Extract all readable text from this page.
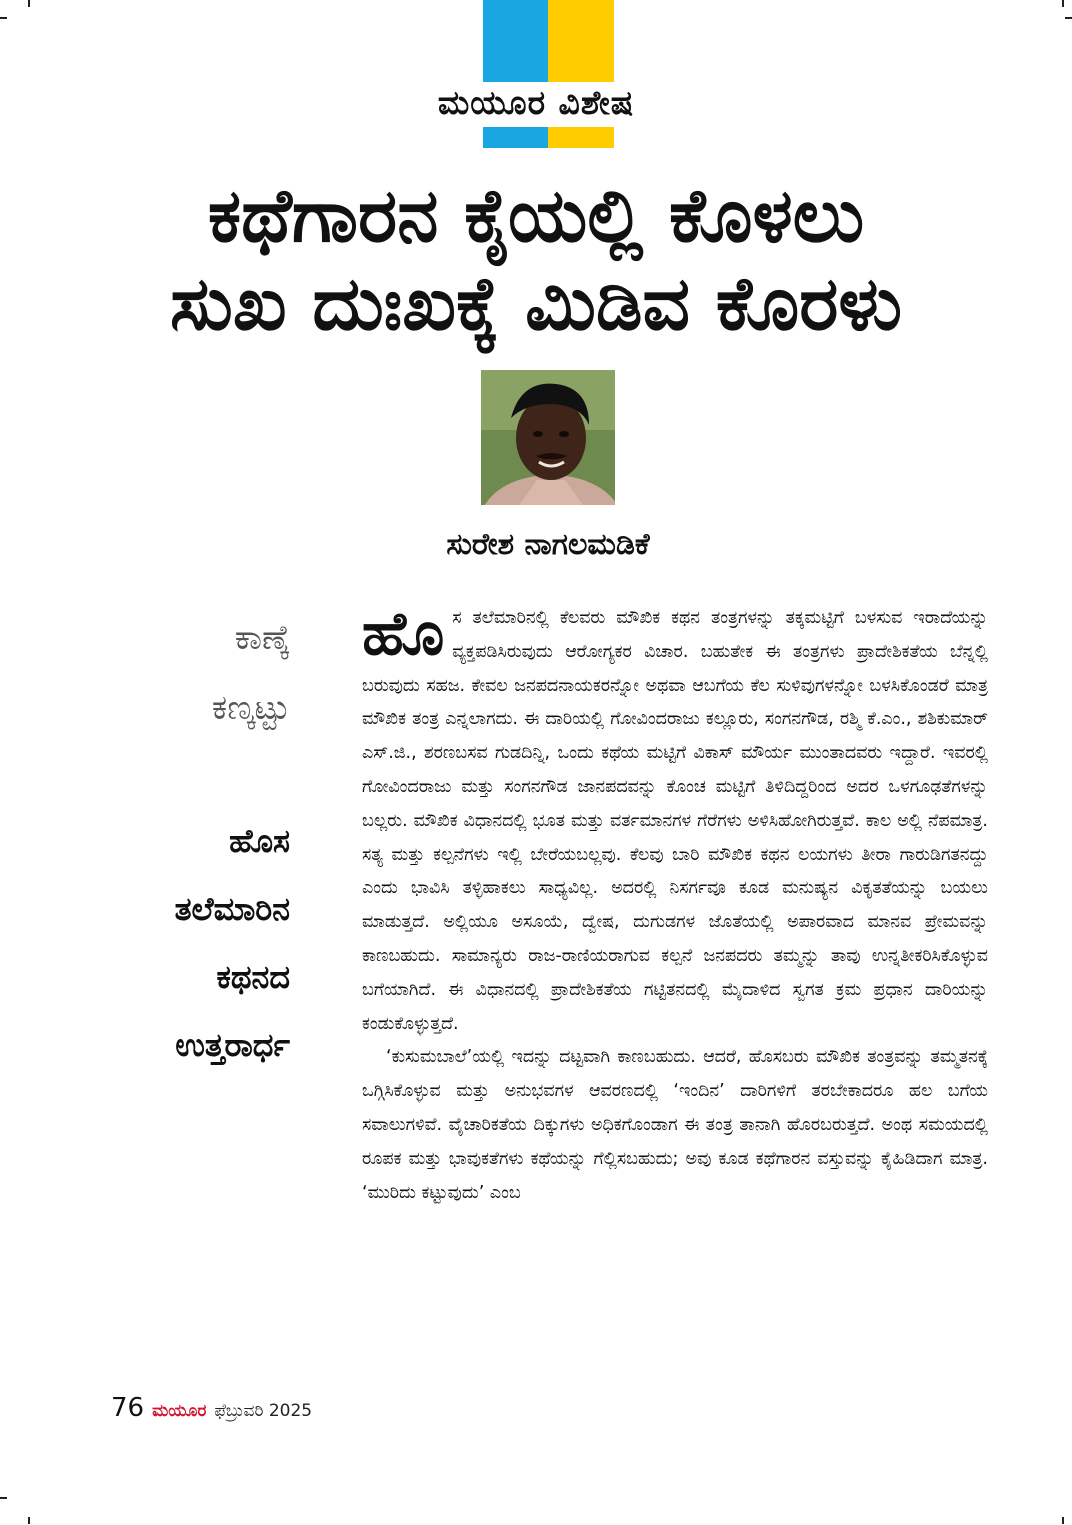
ಮಯೂರ ವಿಶೇಷ
ಕಥೆಗಾರನ ಕೈಯಲ್ಲಿ ಕೊಳಲು
ಸುಖ ದುಃಖಕ್ಕೆ ಮಿಡಿವ ಕೊರಳು
ಸುರೇಶ ನಾಗಲಮಡಿಕೆ
ಕಾಣ್ಕೆ
ಕಣ್ಕಟ್ಟು
ಹೊಸ
ತಲೆಮಾರಿನ
ಕಥನದ
ಉತ್ತರಾರ್ಧ

ಹೊಸ ತಲೆಮಾರಿನಲ್ಲಿ ಕೆಲವರು ಮೌಖಿಕ ಕಥನ ತಂತ್ರಗಳನ್ನು ತಕ್ಕಮಟ್ಟಿಗೆ ಬಳಸುವ ಇರಾದೆಯನ್ನು ವ್ಯಕ್ತಪಡಿಸಿರುವುದು ಆರೋಗ್ಯಕರ ವಿಚಾರ. ಬಹುತೇಕ ಈ ತಂತ್ರಗಳು ಪ್ರಾದೇಶಿಕತೆಯ ಬೆನ್ನಲ್ಲಿ ಬರುವುದು ಸಹಜ. ಕೇವಲ ಜನಪದನಾಯಕರನ್ನೋ ಅಥವಾ ಆಬಗೆಯ ಕೆಲ ಸುಳಿವುಗಳನ್ನೋ ಬಳಸಿಕೊಂಡರೆ ಮಾತ್ರ ಮೌಖಿಕ ತಂತ್ರ ಎನ್ನಲಾಗದು. ಈ ದಾರಿಯಲ್ಲಿ ಗೋವಿಂದರಾಜು ಕಲ್ಲೂರು, ಸಂಗನಗೌಡ, ರಶ್ಮಿ ಕೆ.ಎಂ., ಶಶಿಕುಮಾರ್ ಎಸ್.ಜಿ., ಶರಣಬಸವ ಗುಡದಿನ್ನಿ, ಒಂದು ಕಥೆಯ ಮಟ್ಟಿಗೆ ವಿಕಾಸ್ ಮೌರ್ಯ ಮುಂತಾದವರು ಇದ್ದಾರೆ. ಇವರಲ್ಲಿ ಗೋವಿಂದರಾಜು ಮತ್ತು ಸಂಗನಗೌಡ ಜಾನಪದವನ್ನು ಕೊಂಚ ಮಟ್ಟಿಗೆ ತಿಳಿದಿದ್ದರಿಂದ ಅದರ ಒಳಗೂಢತೆಗಳನ್ನು ಬಲ್ಲರು. ಮೌಖಿಕ ವಿಧಾನದಲ್ಲಿ ಭೂತ ಮತ್ತು ವರ್ತಮಾನಗಳ ಗೆರೆಗಳು ಅಳಿಸಿಹೋಗಿರುತ್ತವೆ. ಕಾಲ ಅಲ್ಲಿ ನೆಪಮಾತ್ರ. ಸತ್ಯ ಮತ್ತು ಕಲ್ಪನೆಗಳು ಇಲ್ಲಿ ಬೇರೆಯಬಲ್ಲವು. ಕೆಲವು ಬಾರಿ ಮೌಖಿಕ ಕಥನ ಲಯಗಳು ತೀರಾ ಗಾರುಡಿಗತನದ್ದು ಎಂದು ಭಾವಿಸಿ ತಳ್ಳಿಹಾಕಲು ಸಾಧ್ಯವಿಲ್ಲ. ಅದರಲ್ಲಿ ನಿಸರ್ಗವೂ ಕೂಡ ಮನುಷ್ಯನ ವಿಕೃತತೆಯನ್ನು ಬಯಲು ಮಾಡುತ್ತದೆ. ಅಲ್ಲಿಯೂ ಅಸೂಯೆ, ದ್ವೇಷ, ದುಗುಡಗಳ ಜೊತೆಯಲ್ಲಿ ಅಪಾರವಾದ ಮಾನವ ಪ್ರೇಮವನ್ನು ಕಾಣಬಹುದು. ಸಾಮಾನ್ಯರು ರಾಜ-ರಾಣಿಯರಾಗುವ ಕಲ್ಪನೆ ಜನಪದರು ತಮ್ಮನ್ನು ತಾವು ಉನ್ನತೀಕರಿಸಿಕೊಳ್ಳುವ ಬಗೆಯಾಗಿದೆ. ಈ ವಿಧಾನದಲ್ಲಿ ಪ್ರಾದೇಶಿಕತೆಯ ಗಟ್ಟಿತನದಲ್ಲಿ ಮೈದಾಳಿದ ಸ್ವಗತ ಕ್ರಮ ಪ್ರಧಾನ ದಾರಿಯನ್ನು ಕಂಡುಕೊಳ್ಳುತ್ತದೆ.

‘ಕುಸುಮಬಾಲೆ’ಯಲ್ಲಿ ಇದನ್ನು ದಟ್ಟವಾಗಿ ಕಾಣಬಹುದು. ಆದರೆ, ಹೊಸಬರು ಮೌಖಿಕ ತಂತ್ರವನ್ನು ತಮ್ಮತನಕ್ಕೆ ಒಗ್ಗಿಸಿಕೊಳ್ಳುವ ಮತ್ತು ಅನುಭವಗಳ ಆವರಣದಲ್ಲಿ ‘ಇಂದಿನ’ ದಾರಿಗಳಿಗೆ ತರಬೇಕಾದರೂ ಹಲ ಬಗೆಯ ಸವಾಲುಗಳಿವೆ. ವೈಚಾರಿಕತೆಯ ದಿಕ್ಕುಗಳು ಅಧಿಕಗೊಂಡಾಗ ಈ ತಂತ್ರ ತಾನಾಗಿ ಹೊರಬರುತ್ತದೆ. ಅಂಥ ಸಮಯದಲ್ಲಿ ರೂಪಕ ಮತ್ತು ಭಾವುಕತೆಗಳು ಕಥೆಯನ್ನು ಗೆಲ್ಲಿಸಬಹುದು; ಅವು ಕೂಡ ಕಥೆಗಾರನ ವಸ್ತುವನ್ನು ಕೈಹಿಡಿದಾಗ ಮಾತ್ರ. ‘ಮುರಿದು ಕಟ್ಟುವುದು’ ಎಂಬ

76 ಮಯೂರ ಫೆಬ್ರುವರಿ 2025
